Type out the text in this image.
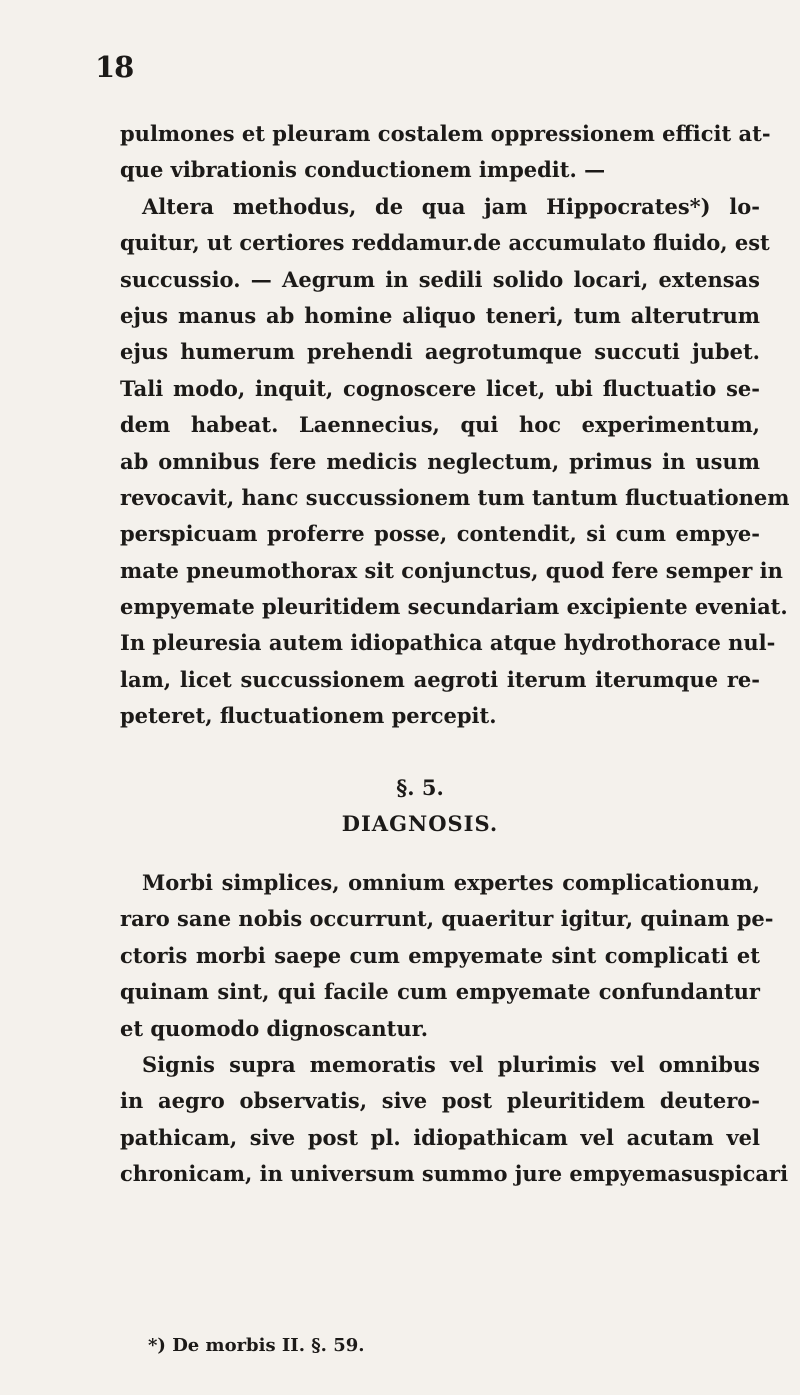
18
pulmones et pleuram costalem oppressionem efficit at-
que vibrationis conductionem impedit. —
Altera methodus, de qua jam Hippocrates*) lo-
quitur, ut certiores reddamur.de accumulato fluido, est
succussio. — Aegrum in sedili solido locari, extensas
ejus manus ab homine aliquo teneri, tum alterutrum
ejus humerum prehendi aegrotumque succuti jubet.
Tali modo, inquit, cognoscere licet, ubi fluctuatio se-
dem habeat. Laennecius, qui hoc experimentum,
ab omnibus fere medicis neglectum, primus in usum
revocavit, hanc succussionem tum tantum fluctuationem
perspicuam proferre posse, contendit, si cum empye-
mate pneumothorax sit conjunctus, quod fere semper in
empyemate pleuritidem secundariam excipiente eveniat.
In pleuresia autem idiopathica atque hydrothorace nul-
lam, licet succussionem aegroti iterum iterumque re-
peteret, fluctuationem percepit.
§. 5.
DIAGNOSIS.
Morbi simplices, omnium expertes complicationum,
raro sane nobis occurrunt, quaeritur igitur, quinam pe-
ctoris morbi saepe cum empyemate sint complicati et
quinam sint, qui facile cum empyemate confundantur
et quomodo dignoscantur.
Signis supra memoratis vel plurimis vel omnibus
in aegro observatis, sive post pleuritidem deutero-
pathicam, sive post pl. idiopathicam vel acutam vel
chronicam, in universum summo jure empyemasuspicari
*) De morbis II. §. 59.
